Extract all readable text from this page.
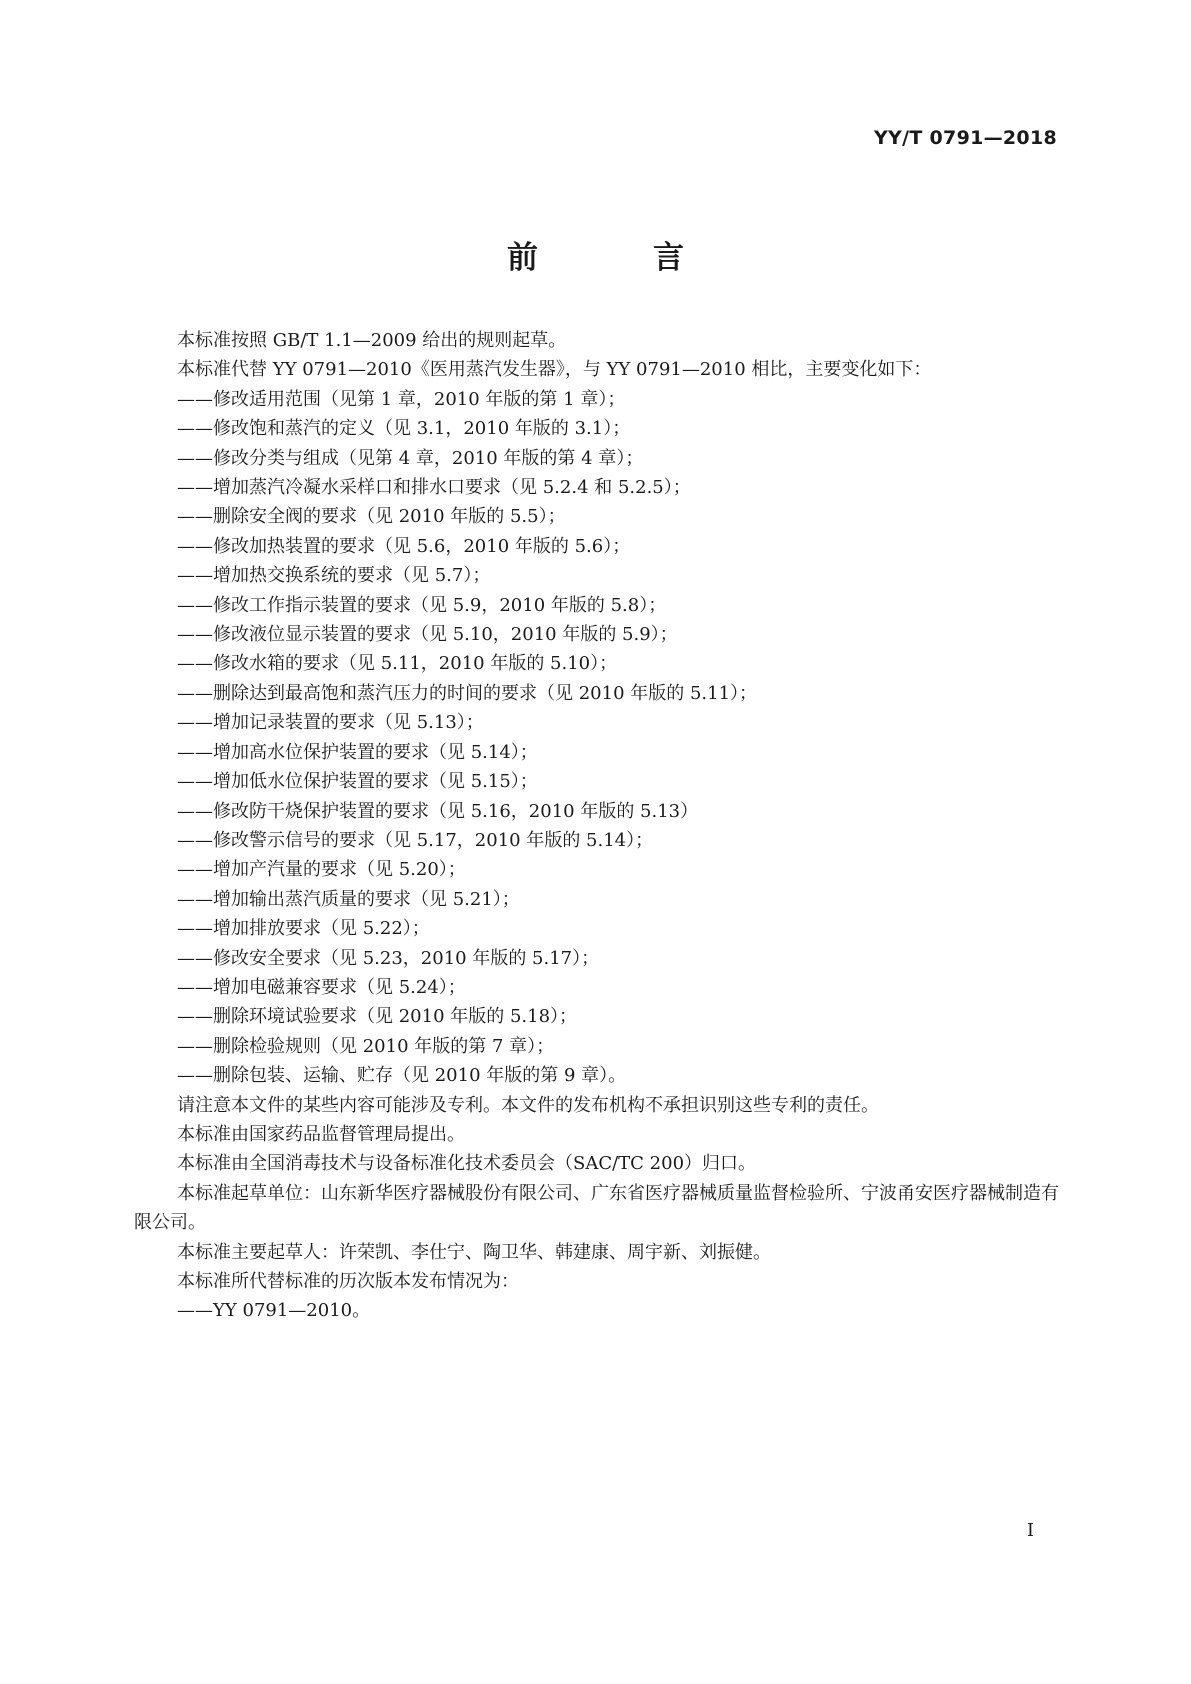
YY/T 0791—2018
前　言

本标准按照 GB/T 1.1—2009 给出的规则起草。

本标准代替 YY 0791—2010《医用蒸汽发生器》，与 YY 0791—2010 相比，主要变化如下：

——修改适用范围（见第 1 章，2010 年版的第 1 章）；

——修改饱和蒸汽的定义（见 3.1，2010 年版的 3.1）；

——修改分类与组成（见第 4 章，2010 年版的第 4 章）；

——增加蒸汽冷凝水采样口和排水口要求（见 5.2.4 和 5.2.5）；

——删除安全阀的要求（见 2010 年版的 5.5）；

——修改加热装置的要求（见 5.6，2010 年版的 5.6）；

——增加热交换系统的要求（见 5.7）；

——修改工作指示装置的要求（见 5.9，2010 年版的 5.8）；

——修改液位显示装置的要求（见 5.10，2010 年版的 5.9）；

——修改水箱的要求（见 5.11，2010 年版的 5.10）；

——删除达到最高饱和蒸汽压力的时间的要求（见 2010 年版的 5.11）；

——增加记录装置的要求（见 5.13）；

——增加高水位保护装置的要求（见 5.14）；

——增加低水位保护装置的要求（见 5.15）；

——修改防干烧保护装置的要求（见 5.16，2010 年版的 5.13）

——修改警示信号的要求（见 5.17，2010 年版的 5.14）；

——增加产汽量的要求（见 5.20）；

——增加输出蒸汽质量的要求（见 5.21）；

——增加排放要求（见 5.22）；

——修改安全要求（见 5.23，2010 年版的 5.17）；

——增加电磁兼容要求（见 5.24）；

——删除环境试验要求（见 2010 年版的 5.18）；

——删除检验规则（见 2010 年版的第 7 章）；

——删除包装、运输、贮存（见 2010 年版的第 9 章）。

请注意本文件的某些内容可能涉及专利。本文件的发布机构不承担识别这些专利的责任。

本标准由国家药品监督管理局提出。

本标准由全国消毒技术与设备标准化技术委员会（SAC/TC 200）归口。

本标准起草单位：山东新华医疗器械股份有限公司、广东省医疗器械质量监督检验所、宁波甬安医疗器械制造有限公司。

本标准主要起草人：许荣凯、李仕宁、陶卫华、韩建康、周宇新、刘振健。

本标准所代替标准的历次版本发布情况为：

——YY 0791—2010。

I
